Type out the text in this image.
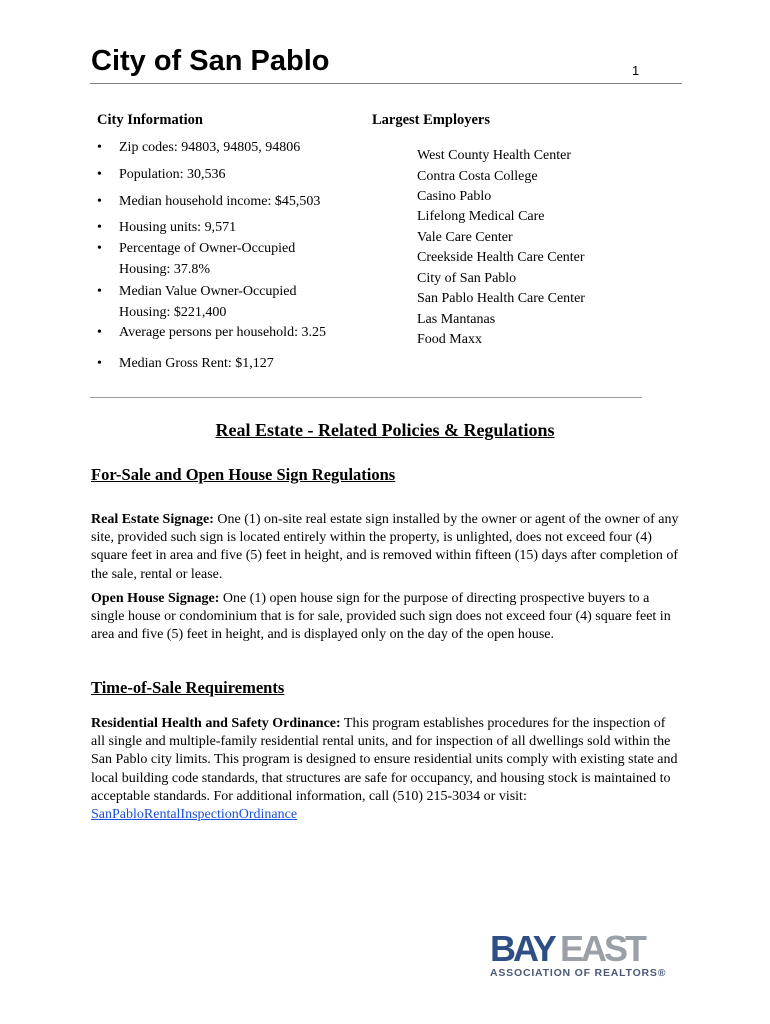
City of San Pablo	1
City Information	Largest Employers
•	Zip codes: 94803, 94805, 94806
•	Population: 30,536
•	Median household income: $45,503
•	Housing units: 9,571
•	Percentage of Owner-Occupied Housing: 37.8%
•	Median Value Owner-Occupied Housing: $221,400
•	Average persons per household: 3.25
•	Median Gross Rent: $1,127
West County Health Center
Contra Costa College
Casino Pablo
Lifelong Medical Care
Vale Care Center
Creekside Health Care Center
City of San Pablo
San Pablo Health Care Center
Las Mantanas
Food Maxx
Real Estate - Related Policies & Regulations
For-Sale and Open House Sign Regulations
Real Estate Signage: One (1) on-site real estate sign installed by the owner or agent of the owner of any site, provided such sign is located entirely within the property, is unlighted, does not exceed four (4) square feet in area and five (5) feet in height, and is removed within fifteen (15) days after completion of the sale, rental or lease.
Open House Signage: One (1) open house sign for the purpose of directing prospective buyers to a single house or condominium that is for sale, provided such sign does not exceed four (4) square feet in area and five (5) feet in height, and is displayed only on the day of the open house.
Time-of-Sale Requirements
Residential Health and Safety Ordinance: This program establishes procedures for the inspection of all single and multiple-family residential rental units, and for inspection of all dwellings sold within the San Pablo city limits. This program is designed to ensure residential units comply with existing state and local building code standards, that structures are safe for occupancy, and housing stock is maintained to acceptable standards. For additional information, call (510) 215-3034 or visit: SanPabloRentalInspectionOrdinance
BAY EAST
ASSOCIATION OF REALTORS®
